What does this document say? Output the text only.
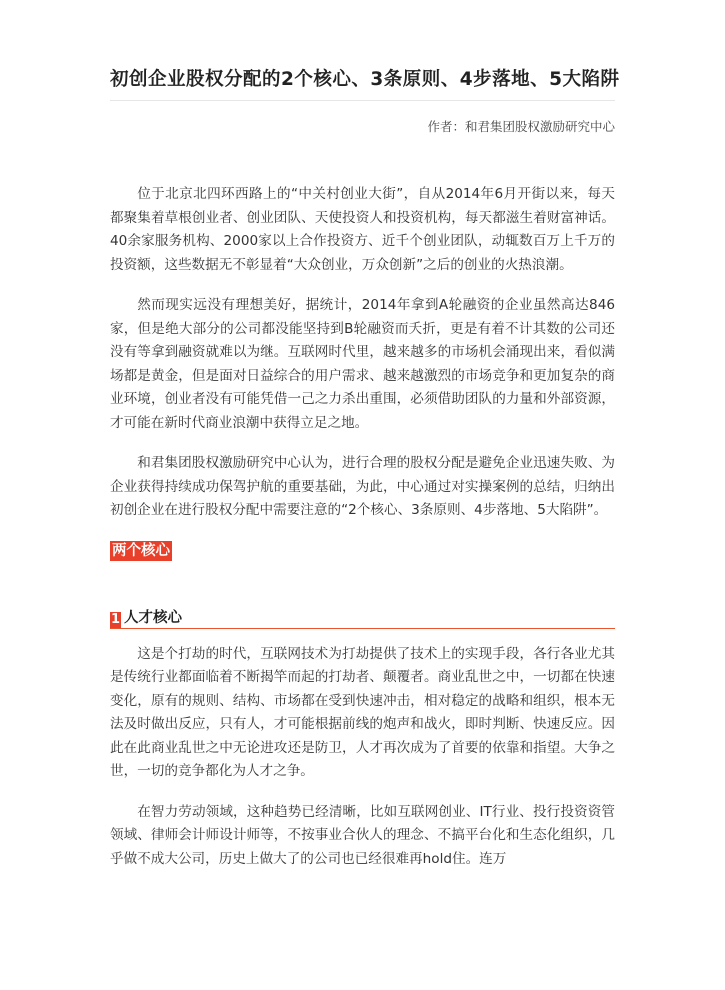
初创企业股权分配的2个核心、3条原则、4步落地、5大陷阱
作者：和君集团股权激励研究中心

位于北京北四环西路上的“中关村创业大街”，自从2014年6月开街以来，每天都聚集着草根创业者、创业团队、天使投资人和投资机构，每天都滋生着财富神话。40余家服务机构、2000家以上合作投资方、近千个创业团队，动辄数百万上千万的投资额，这些数据无不彰显着“大众创业，万众创新”之后的创业的火热浪潮。

然而现实远没有理想美好，据统计，2014年拿到A轮融资的企业虽然高达846家，但是绝大部分的公司都没能坚持到B轮融资而夭折，更是有着不计其数的公司还没有等拿到融资就难以为继。互联网时代里，越来越多的市场机会涌现出来，看似满场都是黄金，但是面对日益综合的用户需求、越来越激烈的市场竞争和更加复杂的商业环境，创业者没有可能凭借一己之力杀出重围，必须借助团队的力量和外部资源，才可能在新时代商业浪潮中获得立足之地。

和君集团股权激励研究中心认为，进行合理的股权分配是避免企业迅速失败、为企业获得持续成功保驾护航的重要基础，为此，中心通过对实操案例的总结，归纳出初创企业在进行股权分配中需要注意的“2个核心、3条原则、4步落地、5大陷阱”。

两个核心
1 人才核心

这是个打劫的时代，互联网技术为打劫提供了技术上的实现手段，各行各业尤其是传统行业都面临着不断揭竿而起的打劫者、颠覆者。商业乱世之中，一切都在快速变化，原有的规则、结构、市场都在受到快速冲击，相对稳定的战略和组织，根本无法及时做出反应，只有人，才可能根据前线的炮声和战火，即时判断、快速反应。因此在此商业乱世之中无论进攻还是防卫，人才再次成为了首要的依靠和指望。大争之世，一切的竞争都化为人才之争。

在智力劳动领域，这种趋势已经清晰，比如互联网创业、IT行业、投行投资资管领域、律师会计师设计师等，不按事业合伙人的理念、不搞平台化和生态化组织，几乎做不成大公司，历史上做大了的公司也已经很难再hold住。连万
